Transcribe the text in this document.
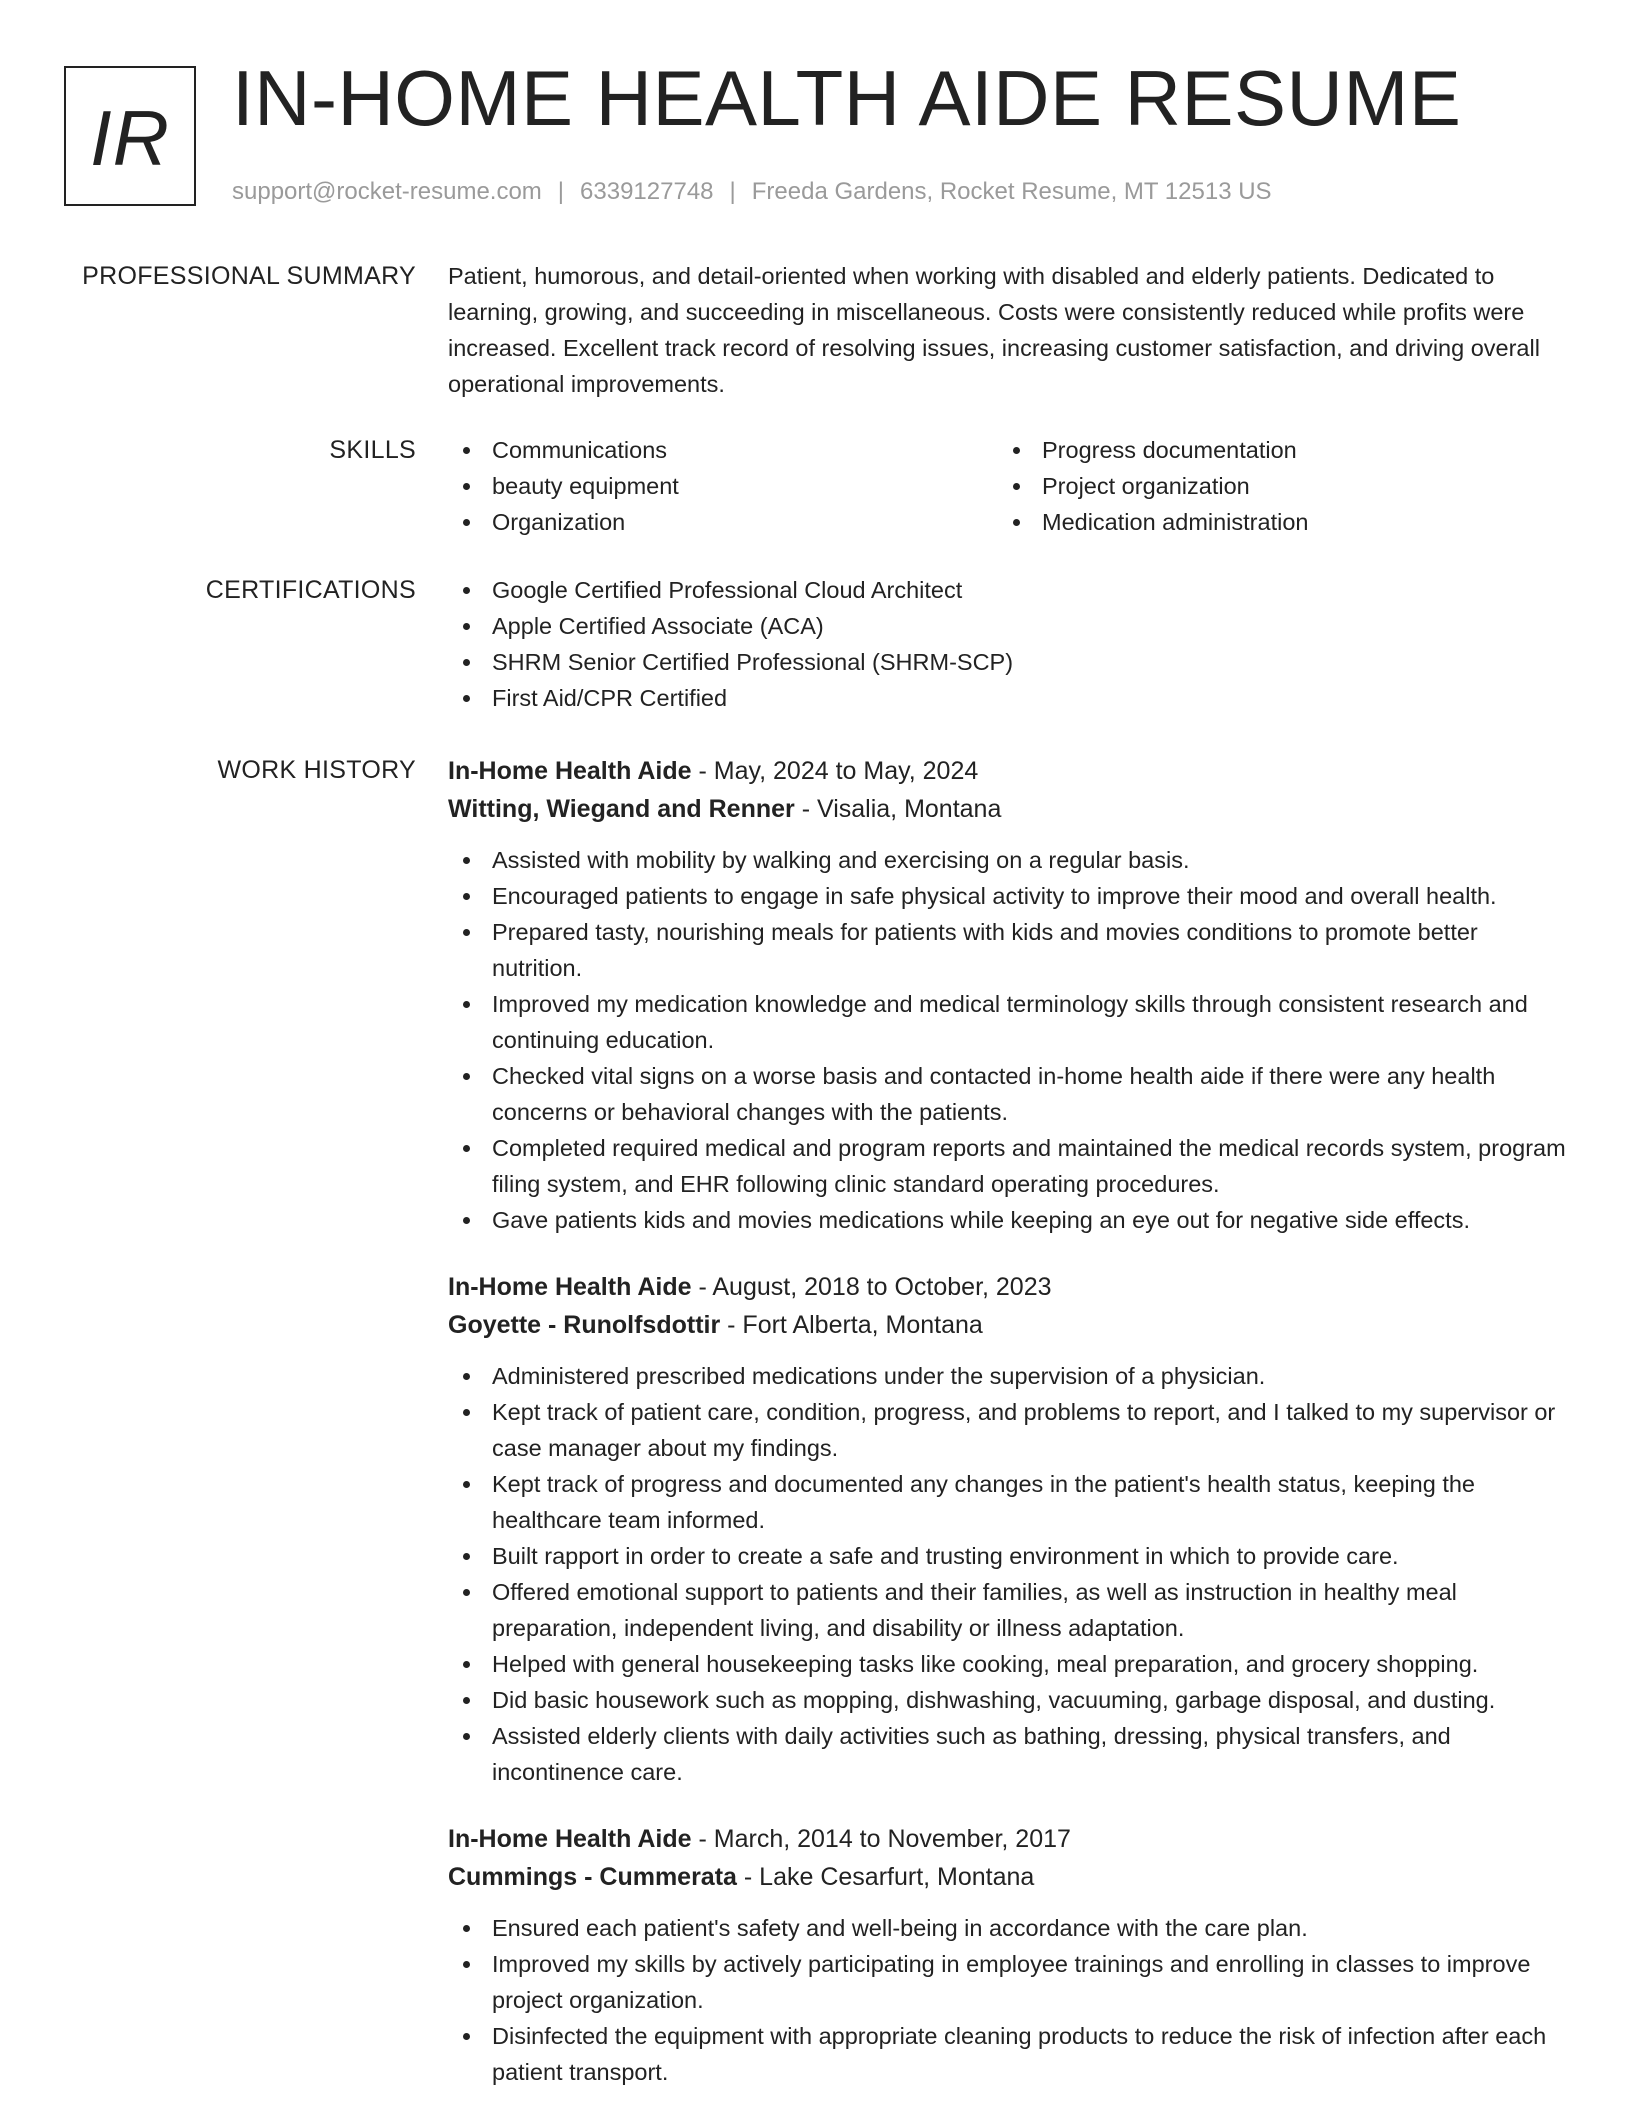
IR IN-HOME HEALTH AIDE RESUME
support@rocket-resume.com | 6339127748 | Freeda Gardens, Rocket Resume, MT 12513 US
PROFESSIONAL SUMMARY Patient, humorous, and detail-oriented when working with disabled and elderly patients. Dedicated to learning, growing, and succeeding in miscellaneous. Costs were consistently reduced while profits were increased. Excellent track record of resolving issues, increasing customer satisfaction, and driving overall operational improvements.

SKILLS	Communications
beauty equipment
Organization
Progress documentation
Project organization
Medication administration
CERTIFICATIONS	Google Certified Professional Cloud Architect
Apple Certified Associate (ACA)
SHRM Senior Certified Professional (SHRM-SCP)
First Aid/CPR Certified
WORK HISTORY In-Home Health Aide - May, 2024 to May, 2024
Witting, Wiegand and Renner - Visalia, Montana
Assisted with mobility by walking and exercising on a regular basis.
Encouraged patients to engage in safe physical activity to improve their mood and overall health.
Prepared tasty, nourishing meals for patients with kids and movies conditions to promote better nutrition.
Improved my medication knowledge and medical terminology skills through consistent research and continuing education.
Checked vital signs on a worse basis and contacted in-home health aide if there were any health concerns or behavioral changes with the patients.
Completed required medical and program reports and maintained the medical records system, program filing system, and EHR following clinic standard operating procedures.
Gave patients kids and movies medications while keeping an eye out for negative side effects.
In-Home Health Aide - August, 2018 to October, 2023
Goyette - Runolfsdottir - Fort Alberta, Montana
Administered prescribed medications under the supervision of a physician.
Kept track of patient care, condition, progress, and problems to report, and I talked to my supervisor or case manager about my findings.
Kept track of progress and documented any changes in the patient's health status, keeping the healthcare team informed.
Built rapport in order to create a safe and trusting environment in which to provide care.
Offered emotional support to patients and their families, as well as instruction in healthy meal preparation, independent living, and disability or illness adaptation.
Helped with general housekeeping tasks like cooking, meal preparation, and grocery shopping.
Did basic housework such as mopping, dishwashing, vacuuming, garbage disposal, and dusting.
Assisted elderly clients with daily activities such as bathing, dressing, physical transfers, and incontinence care.
In-Home Health Aide - March, 2014 to November, 2017
Cummings - Cummerata - Lake Cesarfurt, Montana
Ensured each patient's safety and well-being in accordance with the care plan.
Improved my skills by actively participating in employee trainings and enrolling in classes to improve project organization.
Disinfected the equipment with appropriate cleaning products to reduce the risk of infection after each patient transport.
